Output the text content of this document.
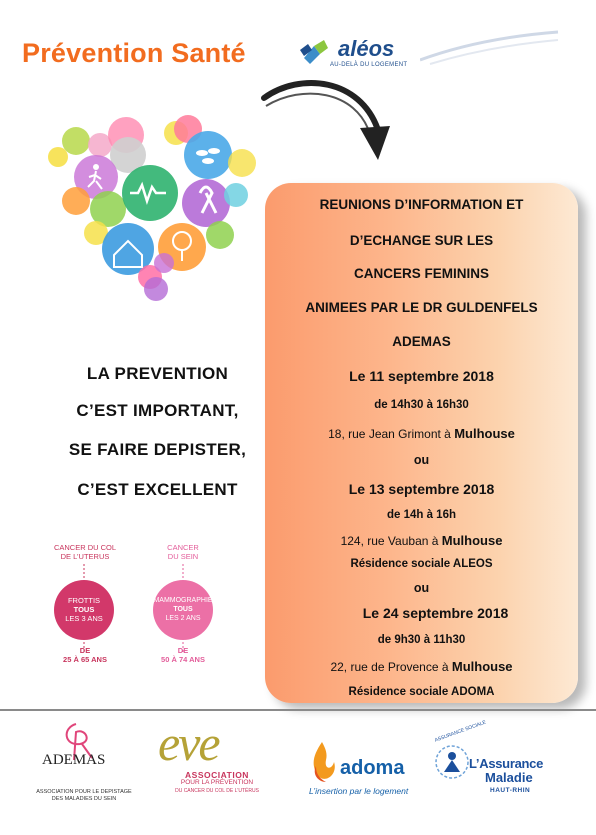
Prévention Santé	aléos
AU-DELÀ DU LOGEMENT
LA PREVENTION
C’EST IMPORTANT,
SE FAIRE DEPISTER,
C’EST EXCELLENT
CANCER DU COL
DE L’UTERUS
FROTTIS
TOUS
LES 3 ANS
DE
25 À 65 ANS
CANCER
DU SEIN
MAMMOGRAPHIE
TOUS
LES 2 ANS
DE
50 À 74 ANS
REUNIONS D’INFORMATION ET
D’ECHANGE SUR LES
CANCERS FEMININS
ANIMEES PAR LE DR GULDENFELS
ADEMAS
Le 11 septembre 2018
de 14h30 à 16h30
18, rue Jean Grimont à Mulhouse
ou
Le 13 septembre 2018
de 14h à 16h
124, rue Vauban à Mulhouse
Résidence sociale ALEOS
ou
Le 24 septembre 2018
de 9h30 à 11h30
22, rue de Provence à Mulhouse
Résidence sociale ADOMA
ADEMAS
ASSOCIATION POUR LE DEPISTAGE
DES MALADIES DU SEIN
eve
ASSOCIATION
POUR LA PRÉVENTION
DU CANCER DU COL DE L'UTÉRUS
adoma
L’insertion par le logement
ASSURANCE SOCIALE
L’Assurance
Maladie
HAUT-RHIN
